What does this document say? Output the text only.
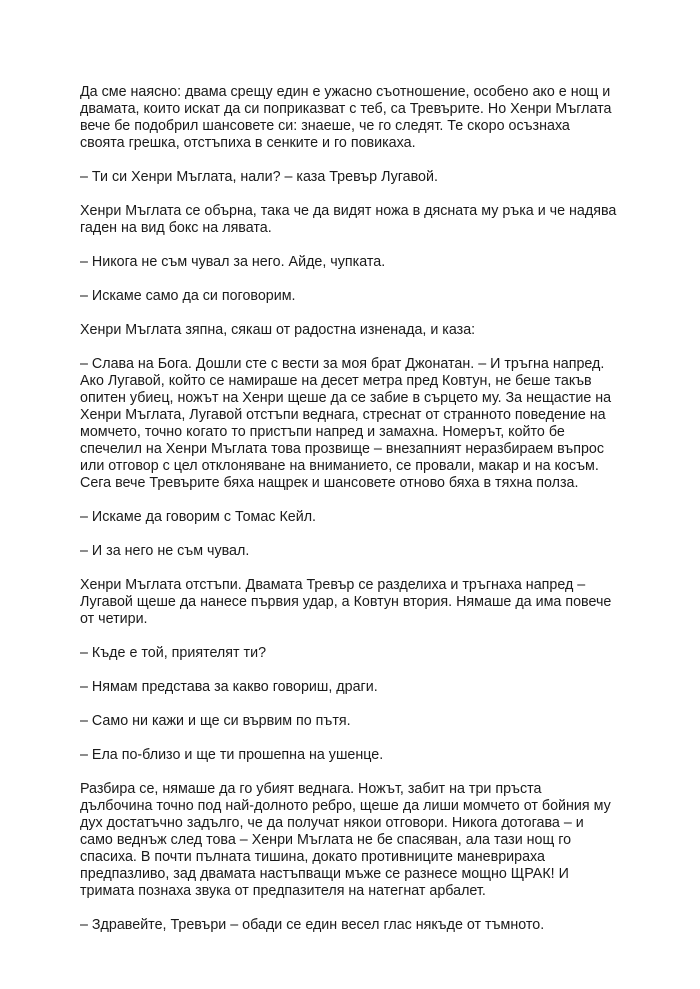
Да сме наясно: двама срещу един е ужасно съотношение, особено ако е нощ и
двамата, които искат да си поприказват с теб, са Тревърите. Но Хенри Мъглата
вече бе подобрил шансовете си: знаеше, че го следят. Те скоро осъзнаха
своята грешка, отстъпиха в сенките и го повикаха.
– Ти си Хенри Мъглата, нали? – каза Тревър Лугавой.
Хенри Мъглата се обърна, така че да видят ножа в дясната му ръка и че надява
гаден на вид бокс на лявата.
– Никога не съм чувал за него. Айде, чупката.
– Искаме само да си поговорим.
Хенри Мъглата зяпна, сякаш от радостна изненада, и каза:
– Слава на Бога. Дошли сте с вести за моя брат Джонатан. – И тръгна напред.
Ако Лугавой, който се намираше на десет метра пред Ковтун, не беше такъв
опитен убиец, ножът на Хенри щеше да се забие в сърцето му. За нещастие на
Хенри Мъглата, Лугавой отстъпи веднага, стреснат от странното поведение на
момчето, точно когато то пристъпи напред и замахна. Номерът, който бе
спечелил на Хенри Мъглата това прозвище – внезапният неразбираем въпрос
или отговор с цел отклоняване на вниманието, се провали, макар и на косъм.
Сега вече Тревърите бяха нащрек и шансовете отново бяха в тяхна полза.
– Искаме да говорим с Томас Кейл.
– И за него не съм чувал.
Хенри Мъглата отстъпи. Двамата Тревър се разделиха и тръгнаха напред –
Лугавой щеше да нанесе първия удар, а Ковтун втория. Нямаше да има повече
от четири.
– Къде е той, приятелят ти?
– Нямам представа за какво говориш, драги.
– Само ни кажи и ще си вървим по пътя.
– Ела по-близо и ще ти прошепна на ушенце.
Разбира се, нямаше да го убият веднага. Ножът, забит на три пръста
дълбочина точно под най-долното ребро, щеше да лиши момчето от бойния му
дух достатъчно задълго, че да получат някои отговори. Никога дотогава – и
само веднъж след това – Хенри Мъглата не бе спасяван, ала тази нощ го
спасиха. В почти пълната тишина, докато противниците маневрираха
предпазливо, зад двамата настъпващи мъже се разнесе мощно ЩРАК! И
тримата познаха звука от предпазителя на натегнат арбалет.
– Здравейте, Тревъри – обади се един весел глас някъде от тъмното.
